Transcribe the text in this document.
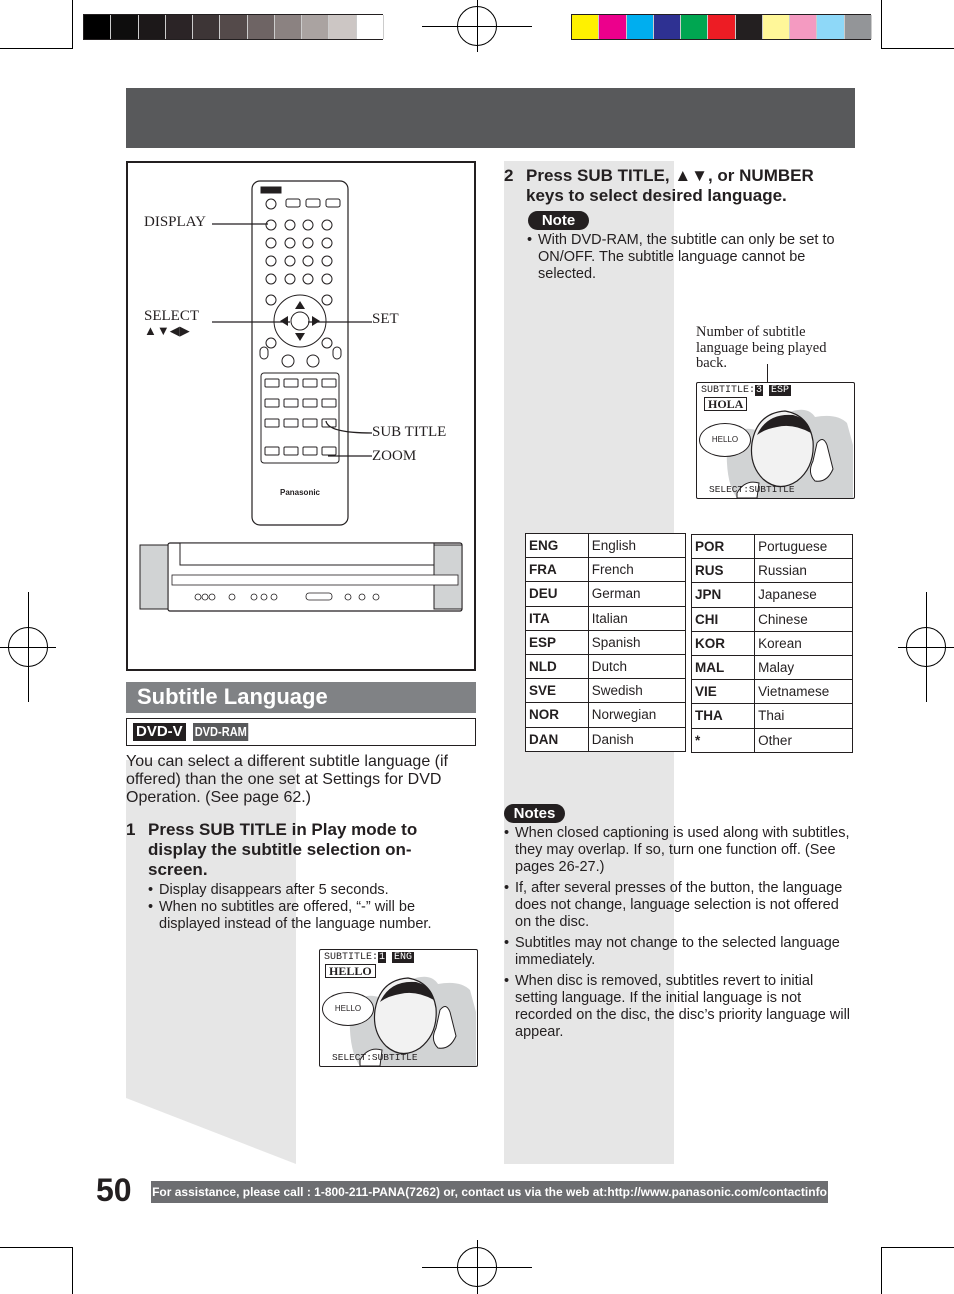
Panasonic
DISPLAY
SELECT
▲▼◀▶
SET
SUB TITLE
ZOOM
Subtitle Language
DVD-V DVD-RAM
You can select a different subtitle language (if offered) than the one set at Settings for DVD Operation. (See page 62.)
1 Press SUB TITLE in Play mode to display the subtitle selection on-screen.
• Display disappears after 5 seconds.
• When no subtitles are offered, “-” will be displayed instead of the language number.
SUBTITLE:1 ENG
HELLO
HELLO
SELECT:SUBTITLE
2 Press SUB TITLE, ▲▼, or NUMBER keys to select desired language.
Note
• With DVD-RAM, the subtitle can only be set to ON/OFF. The subtitle language cannot be selected.
Number of subtitle language being played back.
SUBTITLE:3 ESP
HOLA
HELLO
SELECT:SUBTITLE
ENG	English
FRA	French
DEU	German
ITA	Italian
ESP	Spanish
NLD	Dutch
SVE	Swedish
NOR	Norwegian
DAN	Danish
POR	Portuguese
RUS	Russian
JPN	Japanese
CHI	Chinese
KOR	Korean
MAL	Malay
VIE	Vietnamese
THA	Thai
*	Other
Notes
• When closed captioning is used along with subtitles, they may overlap. If so, turn one function off. (See pages 26-27.)
• If, after several presses of the button, the language does not change, language selection is not offered on the disc.
• Subtitles may not change to the selected language immediately.
• When disc is removed, subtitles revert to initial setting language. If the initial language is not recorded on the disc, the disc’s priority language will appear.
50 For assistance, please call : 1-800-211-PANA(7262) or, contact us via the web at:http://www.panasonic.com/contactinfo
